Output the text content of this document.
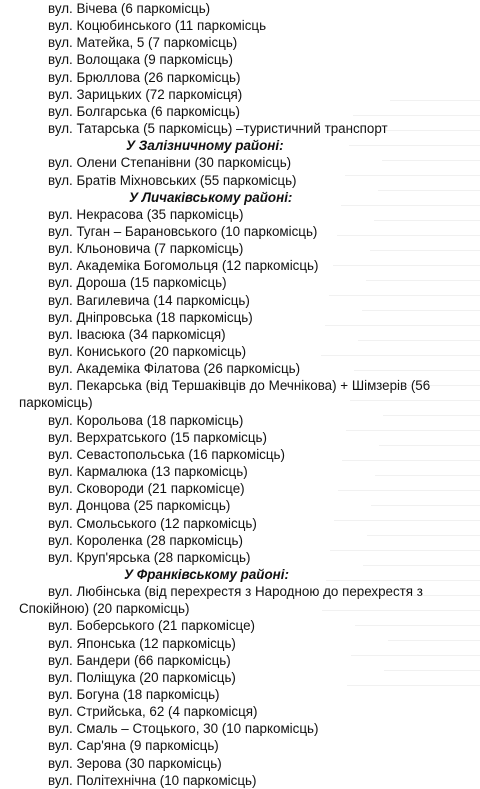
вул. Вічева (6 паркомісць)
вул. Коцюбинського (11 паркомісць
вул. Матейка, 5 (7 паркомісць)
вул. Волощака (9 паркомісць)
вул. Брюллова (26 паркомісць)
вул. Зарицьких (72 паркомісця)
вул. Болгарська (6 паркомісць)
вул. Татарська (5 паркомісць) –туристичний транспорт
У Залізничному районі:
вул. Олени Степанівни (30 паркомісць)
вул. Братів Міхновських (55 паркомісць)
У Личаківському районі:
вул. Некрасова (35 паркомісць)
вул. Туган – Барановського (10 паркомісць)
вул. Кльоновича (7 паркомісць)
вул. Академіка Богомольця (12 паркомісць)
вул. Дороша (15 паркомісць)
вул. Вагилевича (14 паркомісць)
вул. Дніпровська (18 паркомісць)
вул. Івасюка (34 паркомісця)
вул. Кониського (20 паркомісць)
вул. Академіка Філатова (26 паркомісць)
вул. Пекарська (від Тершаківців до Мечнікова) + Шімзерів (56
паркомісць)
вул. Корольова (18 паркомісць)
вул. Верхратського (15 паркомісць)
вул. Севастопольська (16 паркомісць)
вул. Кармалюка (13 паркомісць)
вул. Сковороди (21 паркомісце)
вул. Донцова (25 паркомісць)
вул. Смольського (12 паркомісць)
вул. Короленка (28 паркомісць)
вул. Круп'ярська (28 паркомісць)
У Франківському районі:
вул. Любінська (від перехрестя з Народною до перехрестя з
Спокійною) (20 паркомісць)
вул. Боберського (21 паркомісце)
вул. Японська (12 паркомісць)
вул. Бандери (66 паркомісць)
вул. Поліщука (20 паркомісць)
вул. Богуна (18 паркомісць)
вул. Стрийська, 62 (4 паркомісця)
вул. Смаль – Стоцького, 30 (10 паркомісць)
вул. Сар'яна (9 паркомісць)
вул. Зерова (30 паркомісць)
вул. Політехнічна (10 паркомісць)
